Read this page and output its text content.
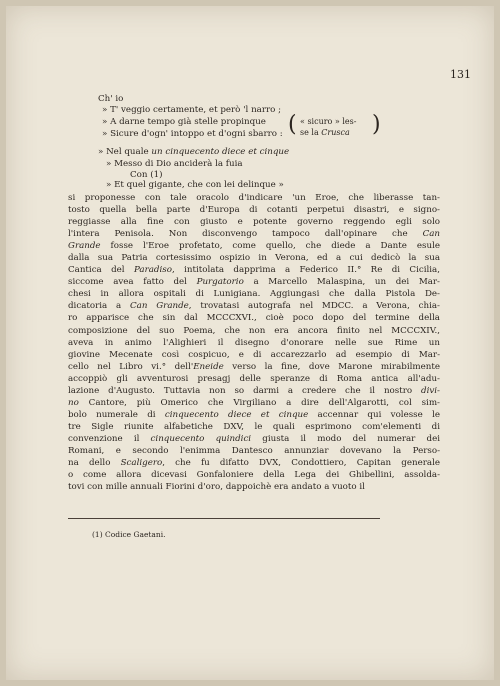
131
Ch' io
» T' veggio certamente, et però 'l narro ;
» A darne tempo già stelle propinque
» Sicure d'ogn' intoppo et d'ogni sbarro : ( « sicuro » les-
se la Crusca )
» Nel quale un cinquecento diece et cinque
» Messo di Dio anciderà la fuia
Con (1)
» Et quel gigante, che con lei delinque »
si proponesse con tale oracolo d'indicare 'un Eroe, che liberasse tan-
tosto quella bella parte d'Europa di cotanti perpetui disastri, e signo-
reggiasse alla fine con giusto e potente governo reggendo egli solo
l'intera Penisola. Non disconvengo tampoco dall'opinare che Can
Grande fosse l'Eroe profetato, come quello, che diede a Dante esule
dalla sua Patria cortesissimo ospizio in Verona, ed a cui dedicò la sua
Cantica del Paradiso, intitolata dapprima a Federico II.° Re di Cicilia,
siccome avea fatto del Purgatorio a Marcello Malaspina, un dei Mar-
chesi in allora ospitali di Lunigiana. Aggiungasi che dalla Pistola De-
dicatoria a Can Grande, trovatasi autografa nel MDCC. a Verona, chia-
ro apparisce che sin dal MCCCXVI., cioè poco dopo del termine della
composizione del suo Poema, che non era ancora finito nel MCCCXIV.,
aveva in animo l'Alighieri il disegno d'onorare nelle sue Rime un
giovine Mecenate così cospicuo, e di accarezzarlo ad esempio di Mar-
cello nel Libro vi.° dell'Eneide verso la fine, dove Marone mirabilmente
accoppiò gli avventurosi presagj delle speranze di Roma antica all'adu-
lazione d'Augusto. Tuttavia non so darmi a credere che il nostro divi-
no Cantore, più Omerico che Virgiliano a dire dell'Algarotti, col sim-
bolo numerale di cinquecento diece et cinque accennar qui volesse le
tre Sigle riunite alfabetiche DXV, le quali esprimono com'elementi di
convenzione il cinquecento quindici giusta il modo del numerar dei
Romani, e secondo l'enimma Dantesco annunziar dovevano la Perso-
na dello Scaligero, che fu difatto DVX, Condottiero, Capitan generale
o come allora dicevasi Gonfaloniere della Lega dei Ghibellini, assolda-
tovi con mille annuali Fiorini d'oro, dappoichè era andato a vuoto il
(1) Codice Gaetani.
